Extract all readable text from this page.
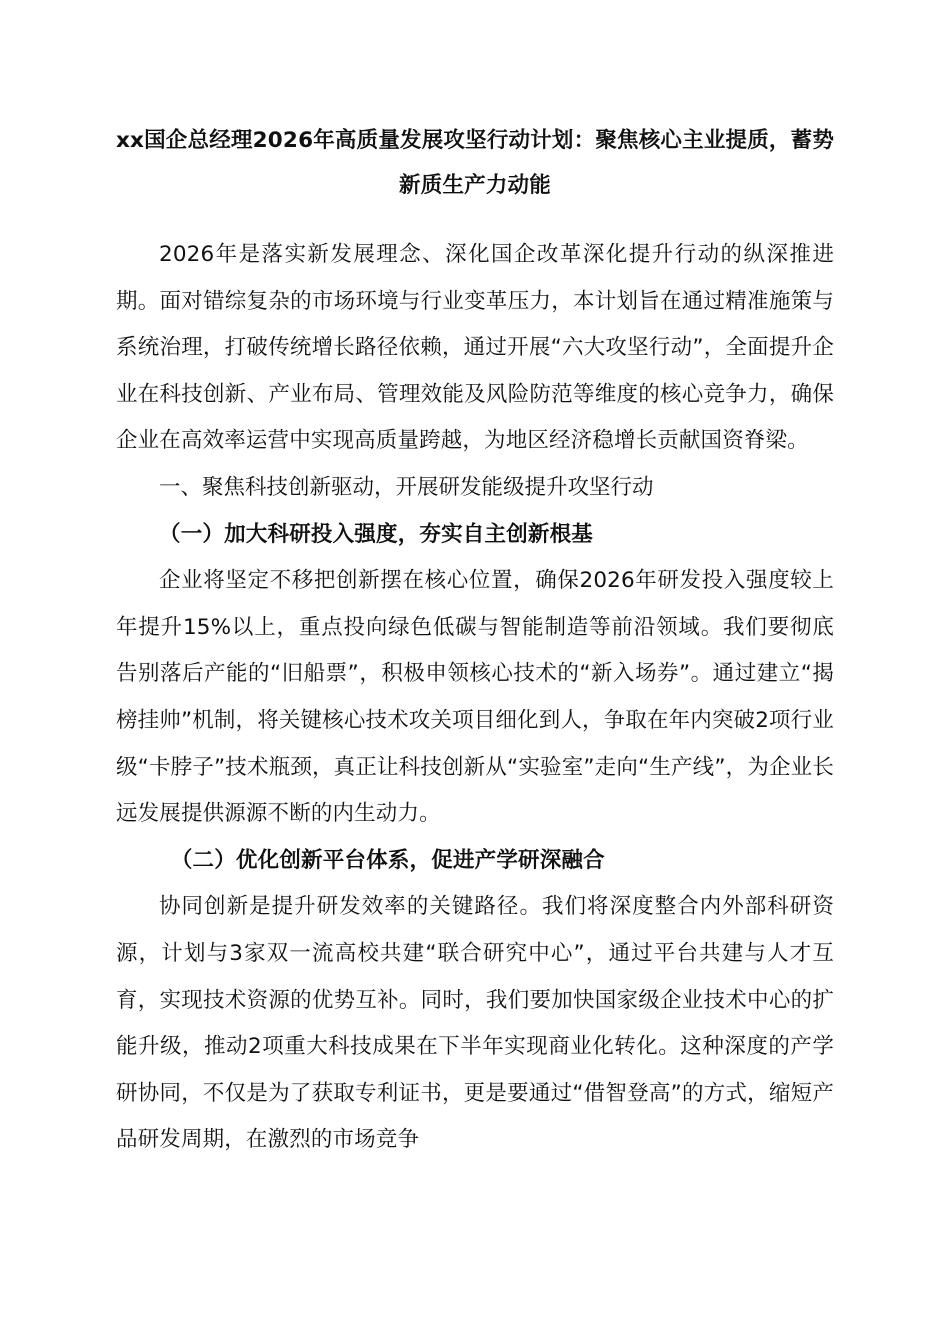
xx国企总经理2026年高质量发展攻坚行动计划：聚焦核心主业提质，蓄势新质生产力动能

2026年是落实新发展理念、深化国企改革深化提升行动的纵深推进期。面对错综复杂的市场环境与行业变革压力，本计划旨在通过精准施策与系统治理，打破传统增长路径依赖，通过开展“六大攻坚行动”，全面提升企业在科技创新、产业布局、管理效能及风险防范等维度的核心竞争力，确保企业在高效率运营中实现高质量跨越，为地区经济稳增长贡献国资脊梁。

一、聚焦科技创新驱动，开展研发能级提升攻坚行动

（一）加大科研投入强度，夯实自主创新根基

企业将坚定不移把创新摆在核心位置，确保2026年研发投入强度较上年提升15%以上，重点投向绿色低碳与智能制造等前沿领域。我们要彻底告别落后产能的“旧船票”，积极申领核心技术的“新入场券”。通过建立“揭榜挂帅”机制，将关键核心技术攻关项目细化到人，争取在年内突破2项行业级“卡脖子”技术瓶颈，真正让科技创新从“实验室”走向“生产线”，为企业长远发展提供源源不断的内生动力。

（二）优化创新平台体系，促进产学研深融合

协同创新是提升研发效率的关键路径。我们将深度整合内外部科研资源，计划与3家双一流高校共建“联合研究中心”，通过平台共建与人才互育，实现技术资源的优势互补。同时，我们要加快国家级企业技术中心的扩能升级，推动2项重大科技成果在下半年实现商业化转化。这种深度的产学研协同，不仅是为了获取专利证书，更是要通过“借智登高”的方式，缩短产品研发周期，在激烈的市场竞争
